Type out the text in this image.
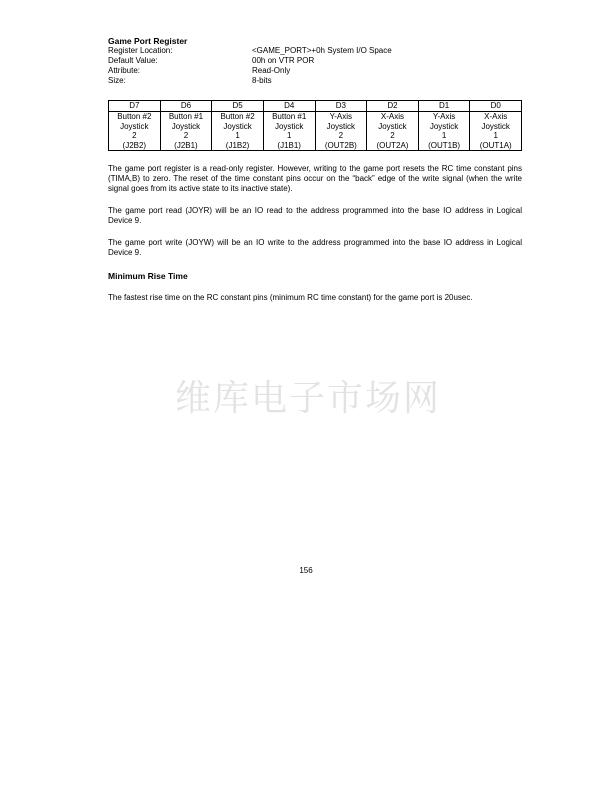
Game Port Register

Register Location:	<GAME_PORT>+0h System I/O Space
Default Value:	00h on VTR POR
Attribute:	Read-Only
Size:	8-bits
D7	D6	D5	D4	D3	D2	D1	D0

Button #2
Joystick
2
(J2B2)	Button #1
Joystick
2
(J2B1)	Button #2
Joystick
1
(J1B2)	Button #1
Joystick
1
(J1B1)	Y-Axis
Joystick
2
(OUT2B)	X-Axis
Joystick
2
(OUT2A)	Y-Axis
Joystick
1
(OUT1B)	X-Axis
Joystick
1
(OUT1A)

The game port register is a read-only register. However, writing to the game port resets the RC time constant pins (TIMA,B) to zero. The reset of the time constant pins occur on the “back” edge of the write signal (when the write signal goes from its active state to its inactive state).

The game port read (JOYR) will be an IO read to the address programmed into the base IO address in Logical Device 9.

The game port write (JOYW) will be an IO write to the address programmed into the base IO address in Logical Device 9.

Minimum Rise Time

The fastest rise time on the RC constant pins (minimum RC time constant) for the game port is 20usec.

维库电子市场网
156
